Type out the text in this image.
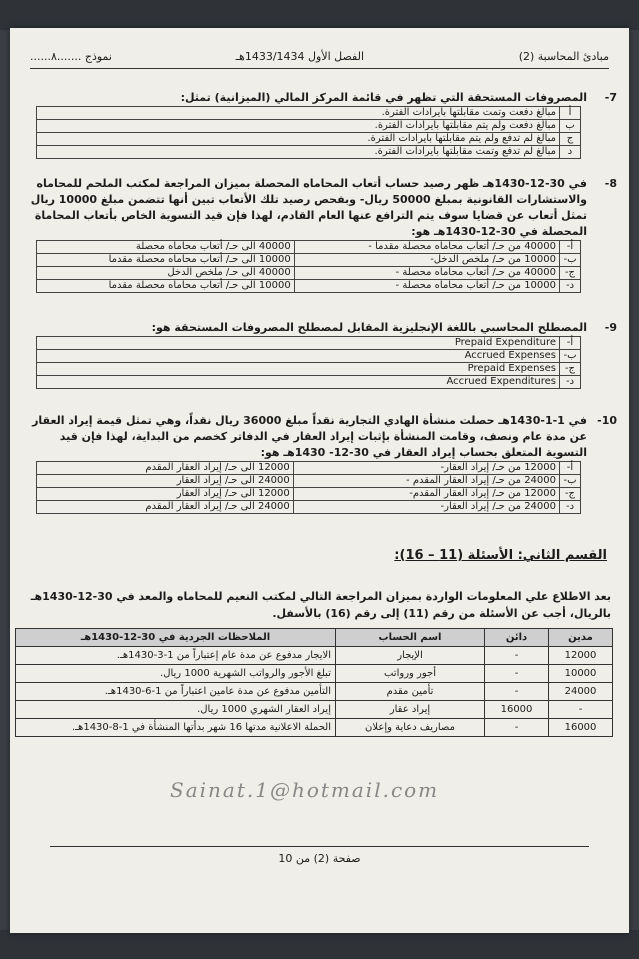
مبادئ المحاسبة (2)
الفصل الأول 1433/1434هـ
نموذج .......٨......
7-
المصروفات المستحقة التي تظهر في قائمة المركز المالي (الميزانية) تمثل:
أ	مبالغ دفعت وتمت مقابلتها بايرادات الفترة.
ب	مبالغ دفعت ولم يتم مقابلتها بايرادات الفترة.
ج	مبالغ لم تدفع ولم يتم مقابلتها بايرادات الفترة.
د	مبالغ لم تدفع وتمت مقابلتها بايرادات الفترة.
8-
في 30-12-1430هـ ظهر رصيد حساب أتعاب المحاماه المحصلة بميزان المراجعة لمكتب الملحم للمحاماه والاستشارات القانونية بمبلغ 50000 ريال- وبفحص رصيد تلك الأتعاب تبين أنها تتضمن مبلغ 10000 ريال تمثل أتعاب عن قضايا سوف يتم الترافع عنها العام القادم، لهذا فإن قيد التسوية الخاص بأتعاب المحاماة المحصلة في 30-12-1430هـ هو:
أ-	40000 من حـ/ أتعاب محاماه محصلة مقدما -	40000 الى حـ/ أتعاب محاماه محصلة
ب-	10000 من حـ/ ملخص الدخل-	10000 الى حـ/ أتعاب محاماه محصلة مقدما
ج-	40000 من حـ/ أتعاب محاماه محصلة -	40000 الى حـ/ ملخص الدخل
د-	10000 من حـ/ أتعاب محاماه محصلة -	10000 الى حـ/ أتعاب محاماه محصلة مقدما
9-
المصطلح المحاسبي باللغة الإنجليزية المقابل لمصطلح المصروفات المستحقة هو:
أ-	Prepaid Expenditure
ب-	Accrued Expenses
ج-	Prepaid Expenses
د-	Accrued Expenditures
10-
في 1-1-1430هـ حصلت منشأة الهادي التجارية نقداً مبلغ 36000 ريال نقداً، وهي تمثل قيمة إيراد العقار عن مدة عام ونصف، وقامت المنشأة بإثبات إيراد العقار في الدفاتر كخصم من البداية، لهذا فإن قيد التسوية المتعلق بحساب إيراد العقار في 30-12- 1430هـ هو:
أ-	12000 من حـ/ إيراد العقار-	12000 الى حـ/ إيراد العقار المقدم
ب-	24000 من حـ/ إيراد العقار المقدم -	24000 الى حـ/ إيراد العقار
ج-	12000 من حـ/ إيراد العقار المقدم-	12000 الى حـ/ إيراد العقار
د-	24000 من حـ/ إيراد العقار-	24000 الى حـ/ إيراد العقار المقدم
القسم الثاني: الأسئلة (11 – 16):
بعد الاطلاع علي المعلومات الواردة بميزان المراجعة التالي لمكتب النعيم للمحاماه والمعد في 30-12-1430هـ بالريال، أجب عن الأسئلة من رقم (11) إلى رقم (16) بالأسفل.
مدين	دائن	اسم الحساب	الملاحظات الجردية في 30-12-1430هـ
12000	-	الإيجار	الايجار مدفوع عن مدة عام إعتباراً من 1-3-1430هـ.
10000	-	أجور ورواتب	تبلغ الأجور والرواتب الشهرية 1000 ريال.
24000	-	تأمين مقدم	التأمين مدفوع عن مدة عامين اعتباراً من 1-6-1430هـ.
-	16000	إيراد عقار	إيراد العقار الشهري 1000 ريال.
16000	-	مصاريف دعاية وإعلان	الحملة الاعلانية مدتها 16 شهر بدأتها المنشأة في 1-8-1430هـ.
Sainat.1@hotmail.com
صفحة (2) من 10
